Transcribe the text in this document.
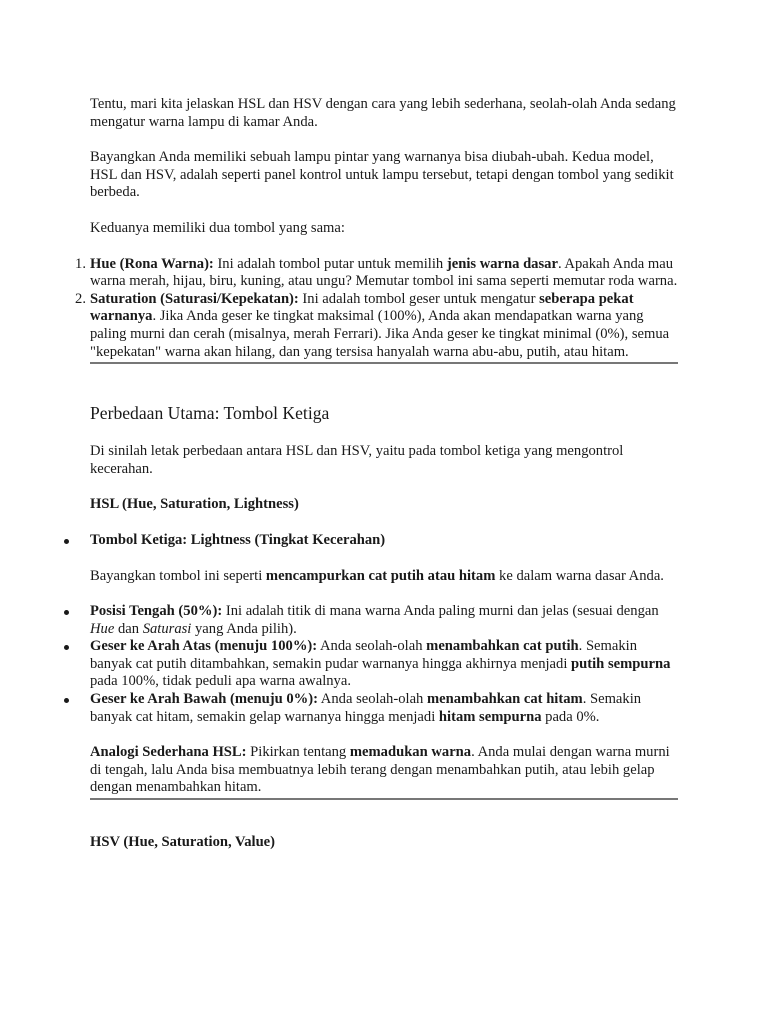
Tentu, mari kita jelaskan HSL dan HSV dengan cara yang lebih sederhana, seolah-olah Anda sedang mengatur warna lampu di kamar Anda.

Bayangkan Anda memiliki sebuah lampu pintar yang warnanya bisa diubah-ubah. Kedua model, HSL dan HSV, adalah seperti panel kontrol untuk lampu tersebut, tetapi dengan tombol yang sedikit berbeda.

Keduanya memiliki dua tombol yang sama:

1. Hue (Rona Warna): Ini adalah tombol putar untuk memilih jenis warna dasar. Apakah Anda mau warna merah, hijau, biru, kuning, atau ungu? Memutar tombol ini sama seperti memutar roda warna.
2. Saturation (Saturasi/Kepekatan): Ini adalah tombol geser untuk mengatur seberapa pekat warnanya. Jika Anda geser ke tingkat maksimal (100%), Anda akan mendapatkan warna yang paling murni dan cerah (misalnya, merah Ferrari). Jika Anda geser ke tingkat minimal (0%), semua "kepekatan" warna akan hilang, dan yang tersisa hanyalah warna abu-abu, putih, atau hitam.
Perbedaan Utama: Tombol Ketiga

Di sinilah letak perbedaan antara HSL dan HSV, yaitu pada tombol ketiga yang mengontrol kecerahan.

HSL (Hue, Saturation, Lightness)

Tombol Ketiga: Lightness (Tingkat Kecerahan)

Bayangkan tombol ini seperti mencampurkan cat putih atau hitam ke dalam warna dasar Anda.

Posisi Tengah (50%): Ini adalah titik di mana warna Anda paling murni dan jelas (sesuai dengan Hue dan Saturasi yang Anda pilih).
Geser ke Arah Atas (menuju 100%): Anda seolah-olah menambahkan cat putih. Semakin banyak cat putih ditambahkan, semakin pudar warnanya hingga akhirnya menjadi putih sempurna pada 100%, tidak peduli apa warna awalnya.
Geser ke Arah Bawah (menuju 0%): Anda seolah-olah menambahkan cat hitam. Semakin banyak cat hitam, semakin gelap warnanya hingga menjadi hitam sempurna pada 0%.

Analogi Sederhana HSL: Pikirkan tentang memadukan warna. Anda mulai dengan warna murni di tengah, lalu Anda bisa membuatnya lebih terang dengan menambahkan putih, atau lebih gelap dengan menambahkan hitam.

HSV (Hue, Saturation, Value)
